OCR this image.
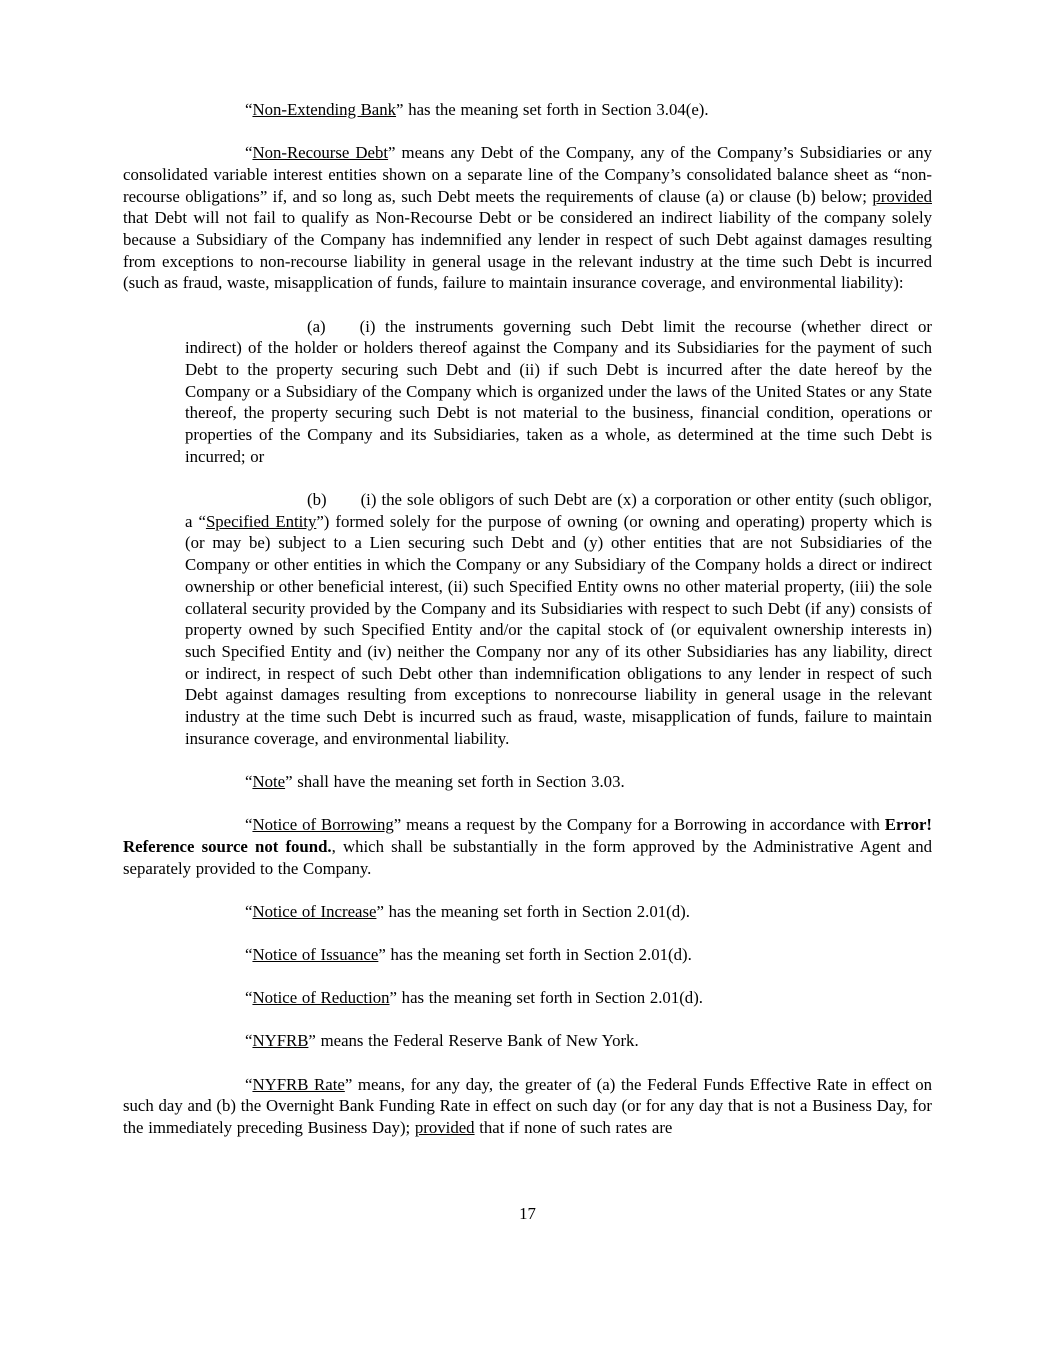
“Non-Extending Bank” has the meaning set forth in Section 3.04(e).

“Non-Recourse Debt” means any Debt of the Company, any of the Company’s Subsidiaries or any consolidated variable interest entities shown on a separate line of the Company’s consolidated balance sheet as “non-recourse obligations” if, and so long as, such Debt meets the requirements of clause (a) or clause (b) below; provided that Debt will not fail to qualify as Non-Recourse Debt or be considered an indirect liability of the company solely because a Subsidiary of the Company has indemnified any lender in respect of such Debt against damages resulting from exceptions to non-recourse liability in general usage in the relevant industry at the time such Debt is incurred (such as fraud, waste, misapplication of funds, failure to maintain insurance coverage, and environmental liability):

(a) (i) the instruments governing such Debt limit the recourse (whether direct or indirect) of the holder or holders thereof against the Company and its Subsidiaries for the payment of such Debt to the property securing such Debt and (ii) if such Debt is incurred after the date hereof by the Company or a Subsidiary of the Company which is organized under the laws of the United States or any State thereof, the property securing such Debt is not material to the business, financial condition, operations or properties of the Company and its Subsidiaries, taken as a whole, as determined at the time such Debt is incurred; or

(b) (i) the sole obligors of such Debt are (x) a corporation or other entity (such obligor, a “Specified Entity”) formed solely for the purpose of owning (or owning and operating) property which is (or may be) subject to a Lien securing such Debt and (y) other entities that are not Subsidiaries of the Company or other entities in which the Company or any Subsidiary of the Company holds a direct or indirect ownership or other beneficial interest, (ii) such Specified Entity owns no other material property, (iii) the sole collateral security provided by the Company and its Subsidiaries with respect to such Debt (if any) consists of property owned by such Specified Entity and/or the capital stock of (or equivalent ownership interests in) such Specified Entity and (iv) neither the Company nor any of its other Subsidiaries has any liability, direct or indirect, in respect of such Debt other than indemnification obligations to any lender in respect of such Debt against damages resulting from exceptions to nonrecourse liability in general usage in the relevant industry at the time such Debt is incurred such as fraud, waste, misapplication of funds, failure to maintain insurance coverage, and environmental liability.

“Note” shall have the meaning set forth in Section 3.03.

“Notice of Borrowing” means a request by the Company for a Borrowing in accordance with Error! Reference source not found., which shall be substantially in the form approved by the Administrative Agent and separately provided to the Company.

“Notice of Increase” has the meaning set forth in Section 2.01(d).

“Notice of Issuance” has the meaning set forth in Section 2.01(d).

“Notice of Reduction” has the meaning set forth in Section 2.01(d).

“NYFRB” means the Federal Reserve Bank of New York.

“NYFRB Rate” means, for any day, the greater of (a) the Federal Funds Effective Rate in effect on such day and (b) the Overnight Bank Funding Rate in effect on such day (or for any day that is not a Business Day, for the immediately preceding Business Day); provided that if none of such rates are

17
